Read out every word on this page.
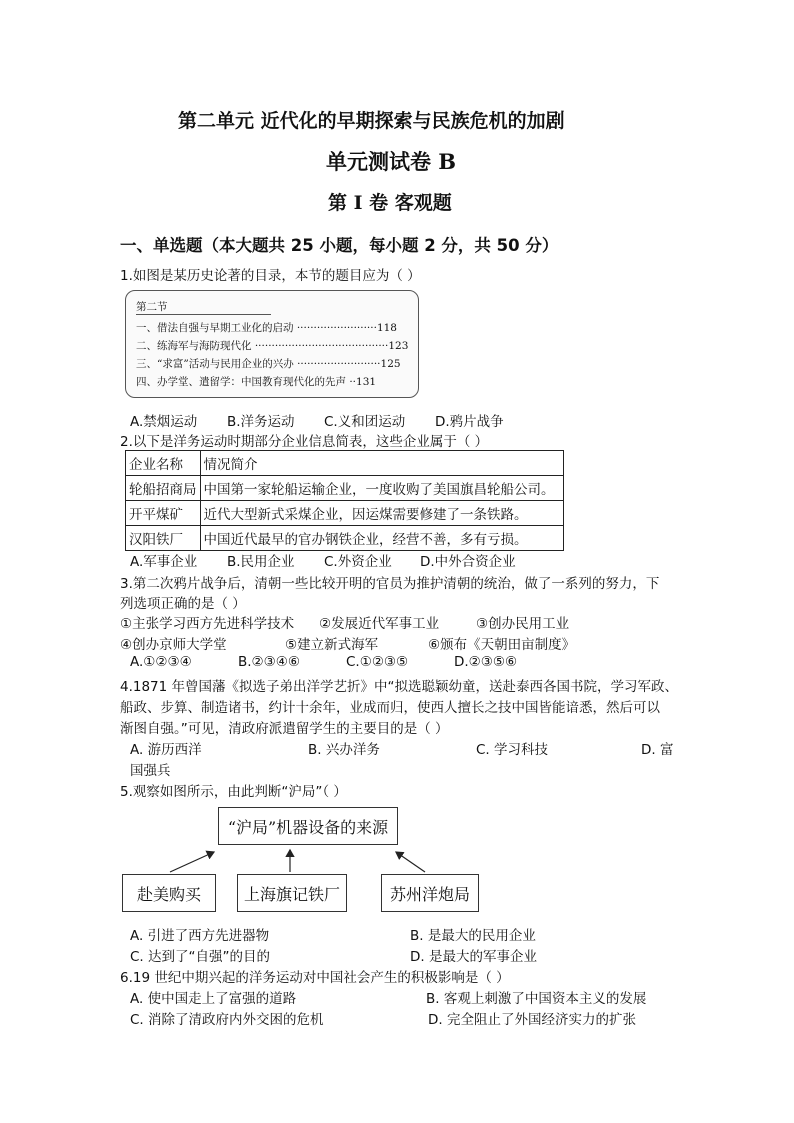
第二单元 近代化的早期探索与民族危机的加剧
单元测试卷 B
第 I 卷 客观题
一、单选题（本大题共 25 小题，每小题 2 分，共 50 分）
1.如图是某历史论著的目录，本节的题目应为（ ）
第二节
一、借法自强与早期工业化的启动 ························118
二、练海军与海防现代化 ········································123
三、“求富”活动与民用企业的兴办 ·························125
四、办学堂、遣留学：中国教育现代化的先声 ··131
A.禁烟运动 B.洋务运动 C.义和团运动 D.鸦片战争
2.以下是洋务运动时期部分企业信息简表，这些企业属于（ ）
企业名称	情况简介
轮船招商局	中国第一家轮船运输企业，一度收购了美国旗昌轮船公司。
开平煤矿	近代大型新式采煤企业，因运煤需要修建了一条铁路。
汉阳铁厂	中国近代最早的官办钢铁企业，经营不善，多有亏损。
A.军事企业 B.民用企业 C.外资企业 D.中外合资企业
3.第二次鸦片战争后，清朝一些比较开明的官员为推护清朝的统治，做了一系列的努力，下
列选项正确的是（ ）
①主张学习西方先进科学技术 ②发展近代军事工业	③创办民用工业
④创办京师大学堂	⑤建立新式海军	⑥颁布《天朝田亩制度》
A.①②③④	B.②③④⑥	C.①②③⑤	D.②③⑤⑥
4.1871 年曾国藩《拟选子弟出洋学艺折》中“拟选聪颖幼童，送赴泰西各国书院，学习军政、
船政、步算、制造诸书，约计十余年，业成而归，使西人擅长之技中国皆能谙悉，然后可以
渐图自强。”可见，清政府派遣留学生的主要目的是（ ）
A. 游历西洋	B. 兴办洋务	C. 学习科技	D. 富
国强兵
5.观察如图所示，由此判断“沪局”（ ）
“沪局”机器设备的来源
赴美购买	上海旗记铁厂	苏州洋炮局
A. 引进了西方先进器物	B. 是最大的民用企业
C. 达到了“自强”的目的	D. 是最大的军事企业
6.19 世纪中期兴起的洋务运动对中国社会产生的积极影响是（ ）
A. 使中国走上了富强的道路	B. 客观上刺激了中国资本主义的发展
C. 消除了清政府内外交困的危机	D. 完全阻止了外国经济实力的扩张
